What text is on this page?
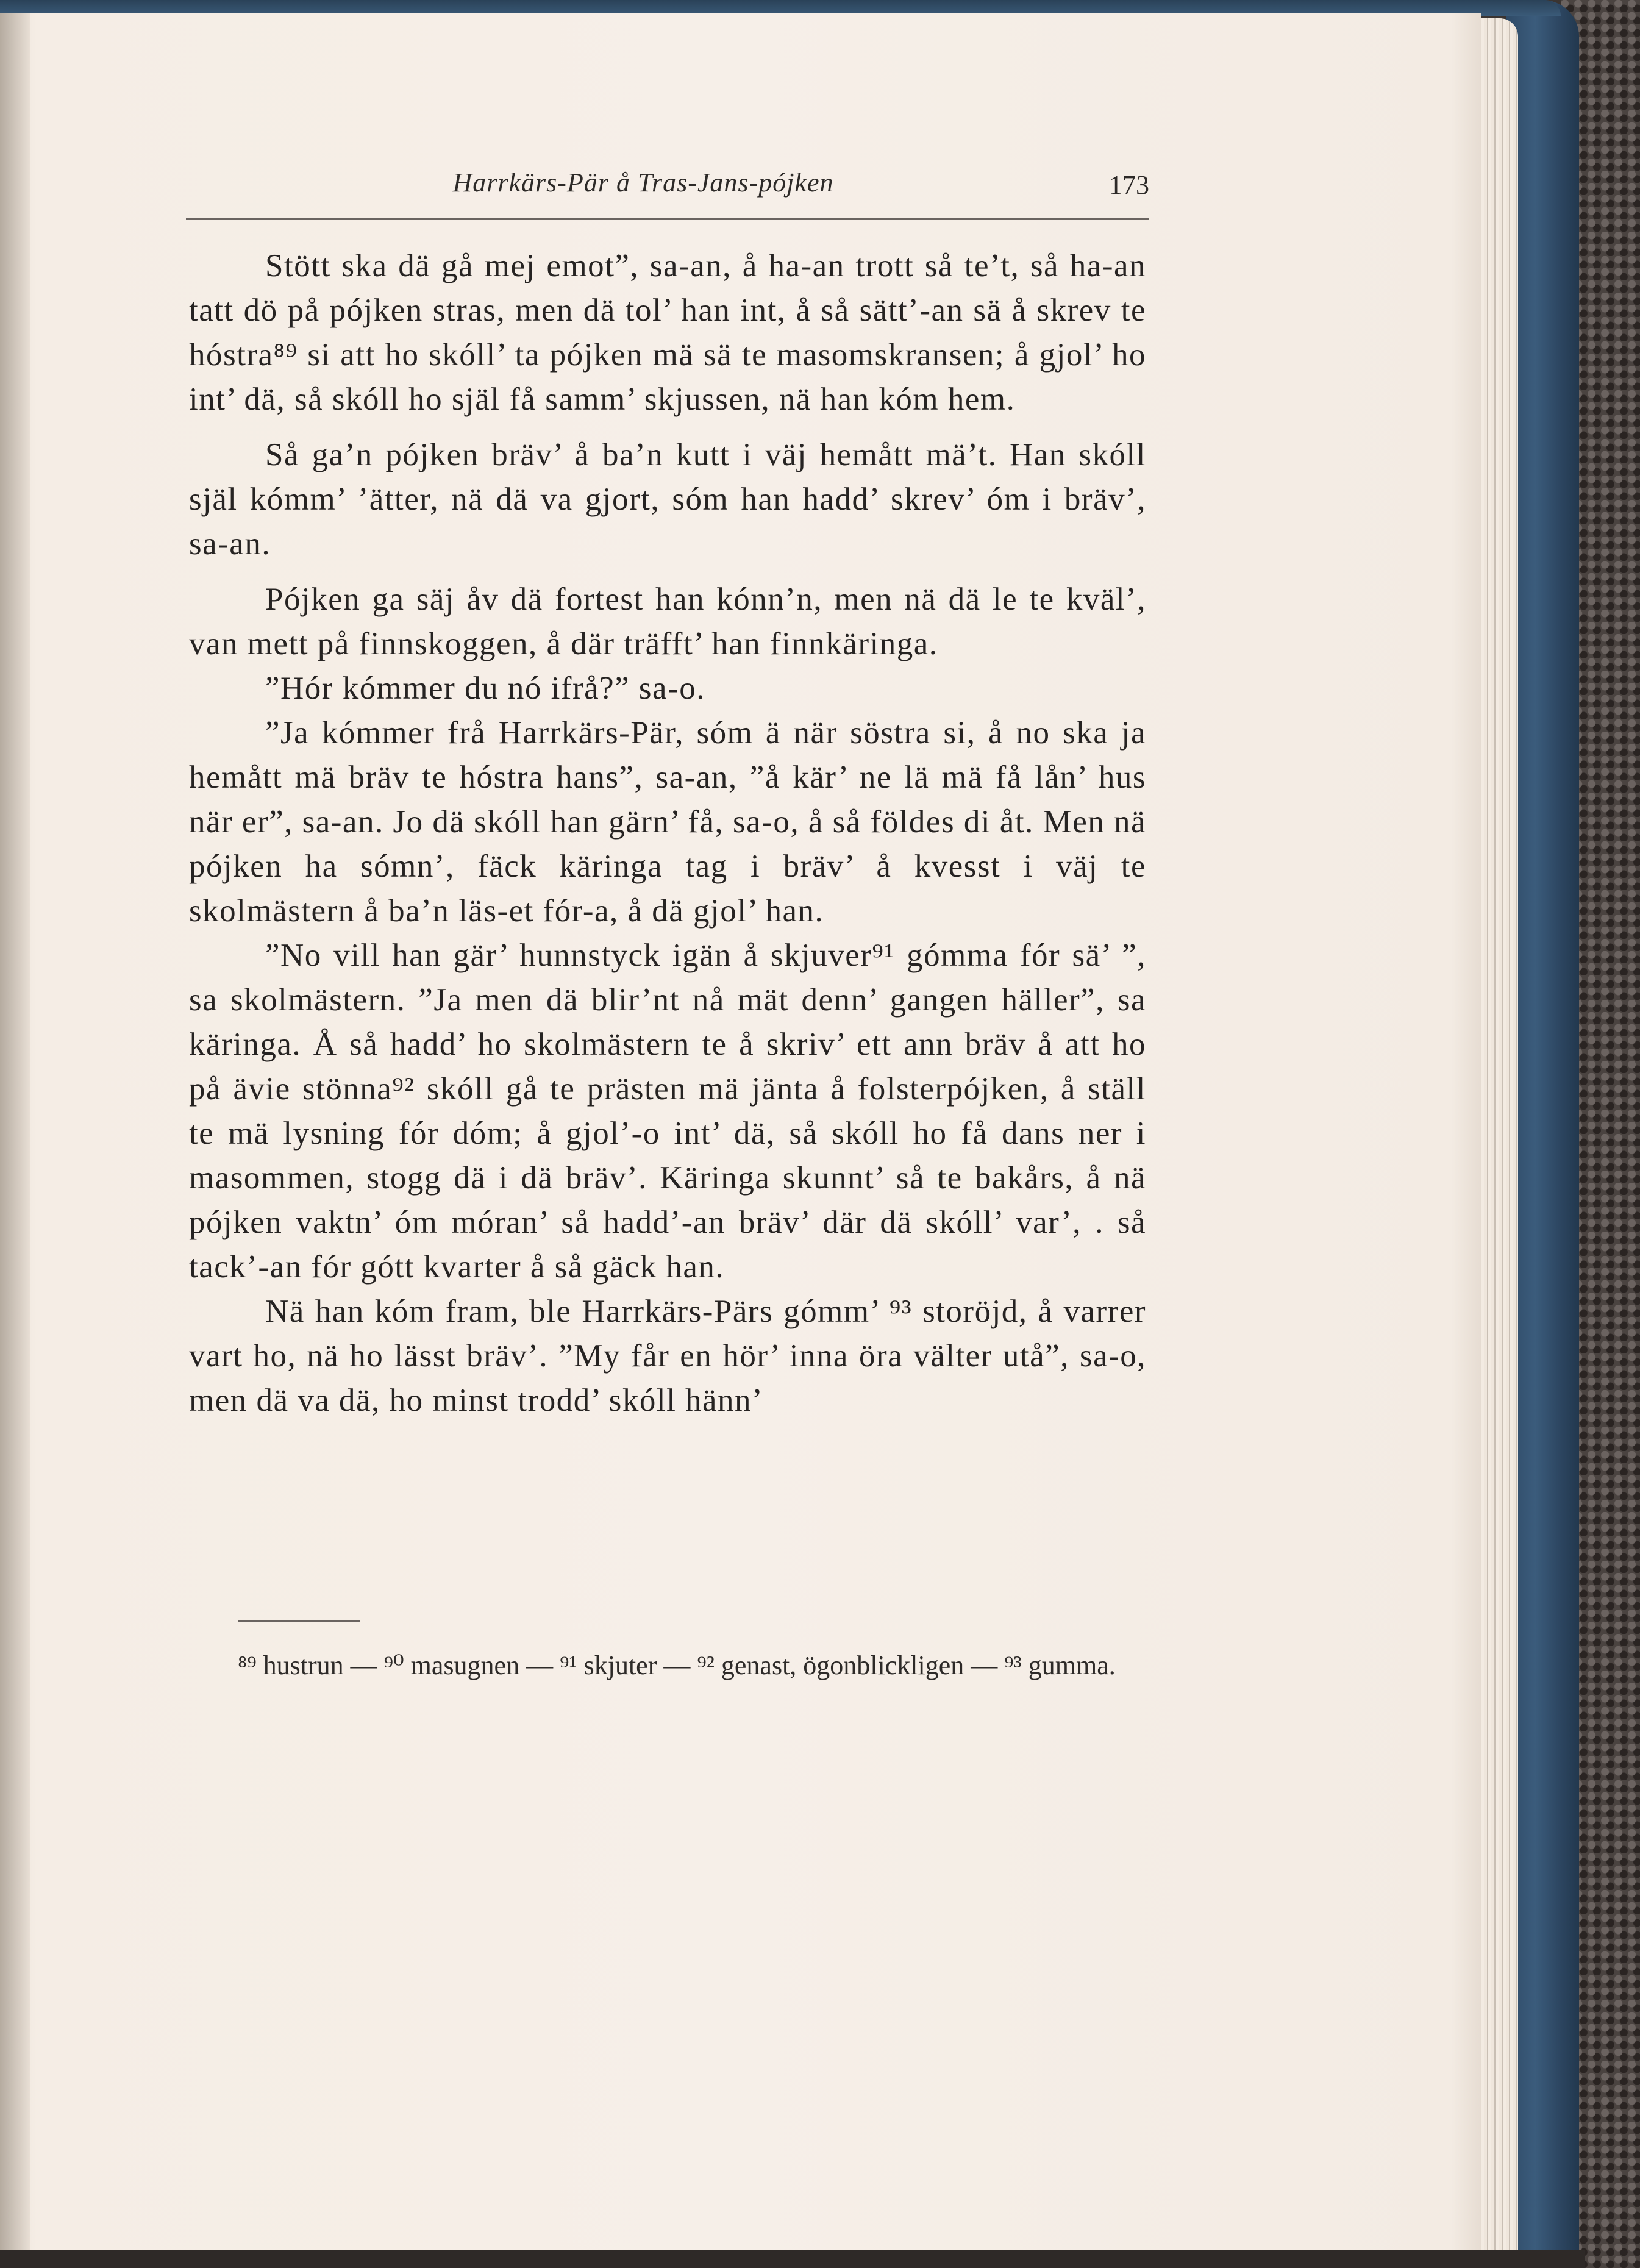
Harrkärs-Pär å Tras-Jans-pójken	173

Stött ska dä gå mej emot”, sa-an, å ha-an trott så te’t, så ha-an tatt dö på pójken stras, men dä tol’ han int, å så sätt’-an sä å skrev te hóstra⁸⁹ si att ho skóll’ ta pójken mä sä te masomskransen; å gjol’ ho int’ dä, så skóll ho själ få samm’ skjussen, nä han kóm hem.

Så ga’n pójken bräv’ å ba’n kutt i väj hemått mä’t. Han skóll själ kómm’ ’ätter, nä dä va gjort, sóm han hadd’ skrev’ óm i bräv’, sa-an.

Pójken ga säj åv dä fortest han kónn’n, men nä dä le te kväl’, van mett på finnskoggen, å där träfft’ han finnkäringa.

”Hór kómmer du nó ifrå?” sa-o.

”Ja kómmer frå Harrkärs-Pär, sóm ä när söstra si, å no ska ja hemått mä bräv te hóstra hans”, sa-an, ”å kär’ ne lä mä få lån’ hus när er”, sa-an. Jo dä skóll han gärn’ få, sa-o, å så földes di åt. Men nä pójken ha sómn’, fäck käringa tag i bräv’ å kvesst i väj te skolmästern å ba’n läs-et fór-a, å dä gjol’ han.

”No vill han gär’ hunnstyck igän å skjuver⁹¹ gómma fór sä’ ”, sa skolmästern. ”Ja men dä blir’nt nå mät denn’ gangen häller”, sa käringa. Å så hadd’ ho skolmästern te å skriv’ ett ann bräv å att ho på ävie stönna⁹² skóll gå te prästen mä jänta å folsterpójken, å ställ te mä lysning fór dóm; å gjol’-o int’ dä, så skóll ho få dans ner i masommen, stogg dä i dä bräv’. Käringa skunnt’ så te bakårs, å nä pójken vaktn’ óm móran’ så hadd’-an bräv’ där dä skóll’ var’, . så tack’-an fór gótt kvarter å så gäck han.

Nä han kóm fram, ble Harrkärs-Pärs gómm’ ⁹³ storöjd, å varrer vart ho, nä ho lässt bräv’. ”My får en hör’ inna öra välter utå”, sa-o, men dä va dä, ho minst trodd’ skóll hänn’

⁸⁹ hustrun — ⁹⁰ masugnen — ⁹¹ skjuter — ⁹² genast, ögonblickligen — ⁹³ gumma.
